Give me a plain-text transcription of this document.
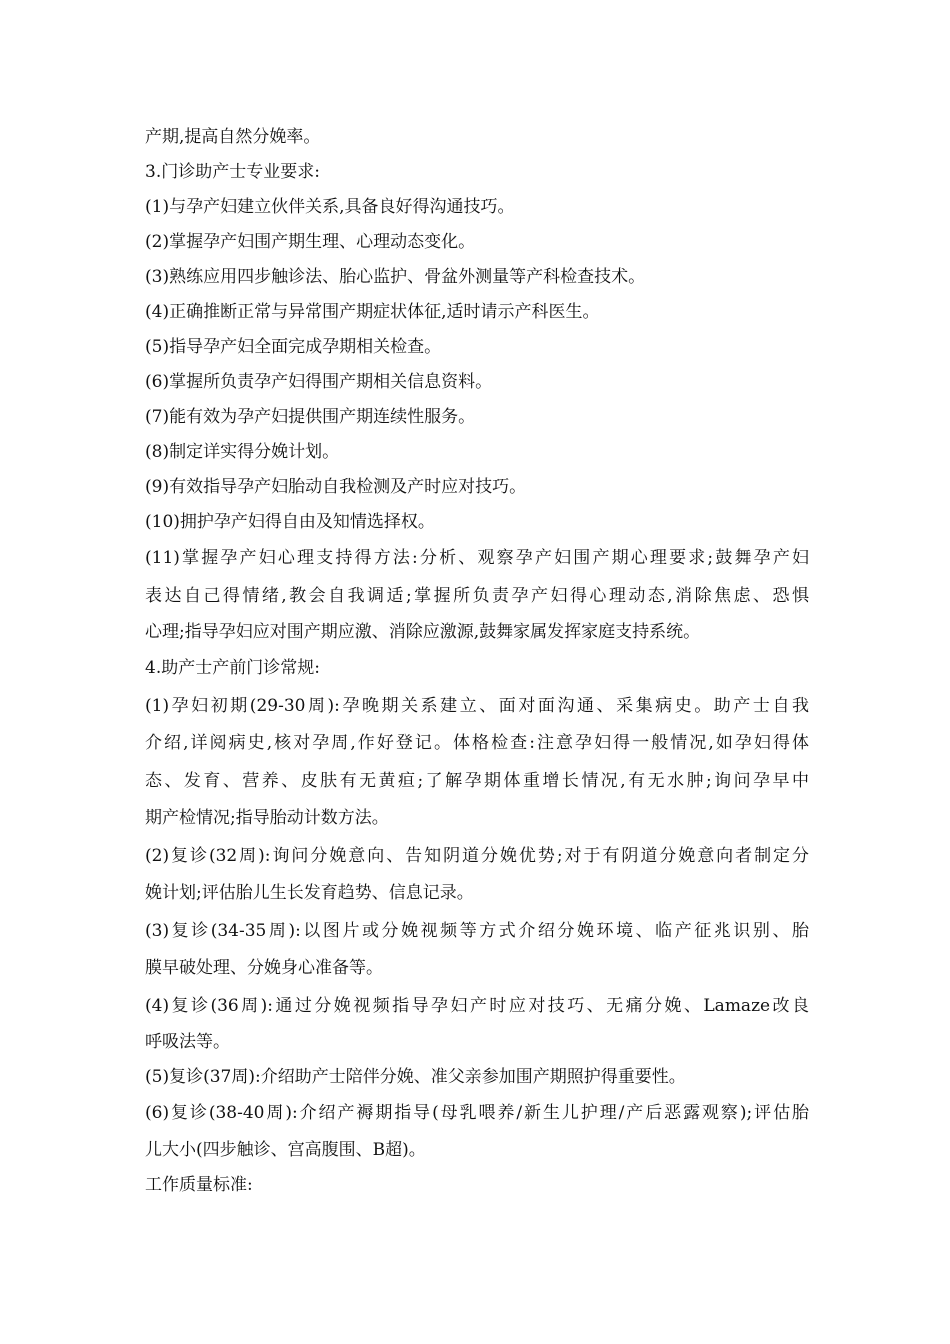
产期,提高自然分娩率。
3.门诊助产士专业要求:
(1)与孕产妇建立伙伴关系,具备良好得沟通技巧。
(2)掌握孕产妇围产期生理、心理动态变化。
(3)熟练应用四步触诊法、胎心监护、骨盆外测量等产科检查技术。
(4)正确推断正常与异常围产期症状体征,适时请示产科医生。
(5)指导孕产妇全面完成孕期相关检查。
(6)掌握所负责孕产妇得围产期相关信息资料。
(7)能有效为孕产妇提供围产期连续性服务。
(8)制定详实得分娩计划。
(9)有效指导孕产妇胎动自我检测及产时应对技巧。
(10)拥护孕产妇得自由及知情选择权。
(11)掌握孕产妇心理支持得方法:分析、观察孕产妇围产期心理要求;鼓舞孕产妇
表达自己得情绪,教会自我调适;掌握所负责孕产妇得心理动态,消除焦虑、恐惧
心理;指导孕妇应对围产期应激、消除应激源,鼓舞家属发挥家庭支持系统。
4.助产士产前门诊常规:
(1)孕妇初期(29-30周):孕晚期关系建立、面对面沟通、采集病史。助产士自我
介绍,详阅病史,核对孕周,作好登记。体格检查:注意孕妇得一般情况,如孕妇得体
态、发育、营养、皮肤有无黄疸;了解孕期体重增长情况,有无水肿;询问孕早中
期产检情况;指导胎动计数方法。
(2)复诊(32周):询问分娩意向、告知阴道分娩优势;对于有阴道分娩意向者制定分
娩计划;评估胎儿生长发育趋势、信息记录。
(3)复诊(34-35周):以图片或分娩视频等方式介绍分娩环境、临产征兆识别、胎
膜早破处理、分娩身心准备等。
(4)复诊(36周):通过分娩视频指导孕妇产时应对技巧、无痛分娩、Lamaze改良
呼吸法等。
(5)复诊(37周):介绍助产士陪伴分娩、准父亲参加围产期照护得重要性。
(6)复诊(38-40周):介绍产褥期指导(母乳喂养/新生儿护理/产后恶露观察);评估胎
儿大小(四步触诊、宫高腹围、B超)。
工作质量标准:
